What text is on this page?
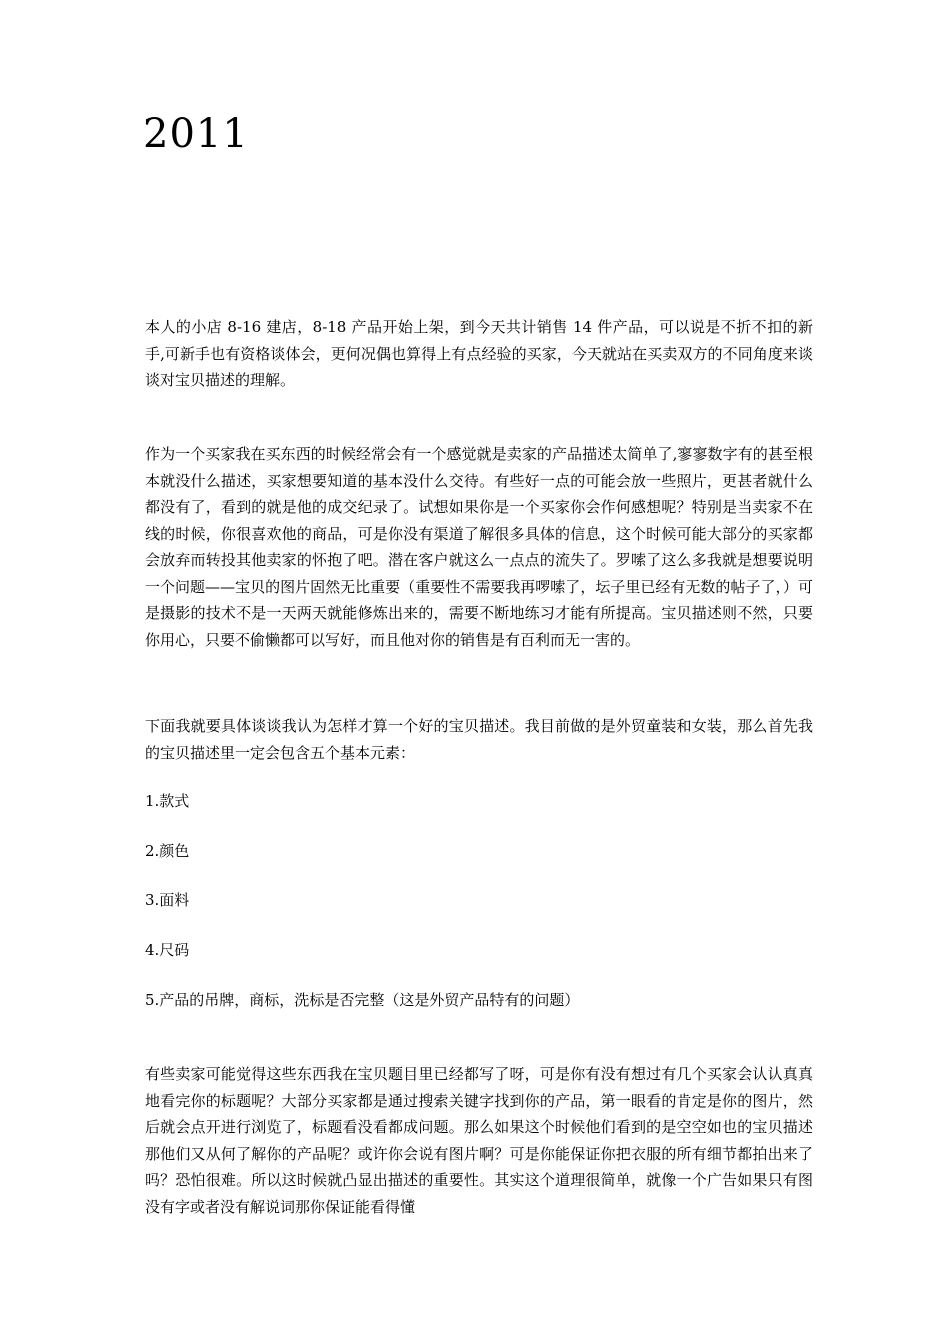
2011

本人的小店 8-16 建店，8-18 产品开始上架，到今天共计销售 14 件产品，可以说是不折不扣的新手,可新手也有资格谈体会，更何况偶也算得上有点经验的买家，今天就站在买卖双方的不同角度来谈谈对宝贝描述的理解。

作为一个买家我在买东西的时候经常会有一个感觉就是卖家的产品描述太简单了,寥寥数字有的甚至根本就没什么描述，买家想要知道的基本没什么交待。有些好一点的可能会放一些照片，更甚者就什么都没有了，看到的就是他的成交纪录了。试想如果你是一个买家你会作何感想呢？特别是当卖家不在线的时候，你很喜欢他的商品，可是你没有渠道了解很多具体的信息，这个时候可能大部分的买家都会放弃而转投其他卖家的怀抱了吧。潜在客户就这么一点点的流失了。罗嗦了这么多我就是想要说明一个问题——宝贝的图片固然无比重要（重要性不需要我再啰嗦了，坛子里已经有无数的帖子了，）可是摄影的技术不是一天两天就能修炼出来的，需要不断地练习才能有所提高。宝贝描述则不然，只要你用心，只要不偷懒都可以写好，而且他对你的销售是有百利而无一害的。

下面我就要具体谈谈我认为怎样才算一个好的宝贝描述。我目前做的是外贸童装和女装，那么首先我的宝贝描述里一定会包含五个基本元素：

1.款式

2.颜色

3.面料

4.尺码

5.产品的吊牌，商标，洗标是否完整（这是外贸产品特有的问题）

有些卖家可能觉得这些东西我在宝贝题目里已经都写了呀，可是你有没有想过有几个买家会认认真真地看完你的标题呢？大部分买家都是通过搜索关键字找到你的产品，第一眼看的肯定是你的图片，然后就会点开进行浏览了，标题看没看都成问题。那么如果这个时候他们看到的是空空如也的宝贝描述那他们又从何了解你的产品呢？或许你会说有图片啊？可是你能保证你把衣服的所有细节都拍出来了吗？恐怕很难。所以这时候就凸显出描述的重要性。其实这个道理很简单，就像一个广告如果只有图没有字或者没有解说词那你保证能看得懂
